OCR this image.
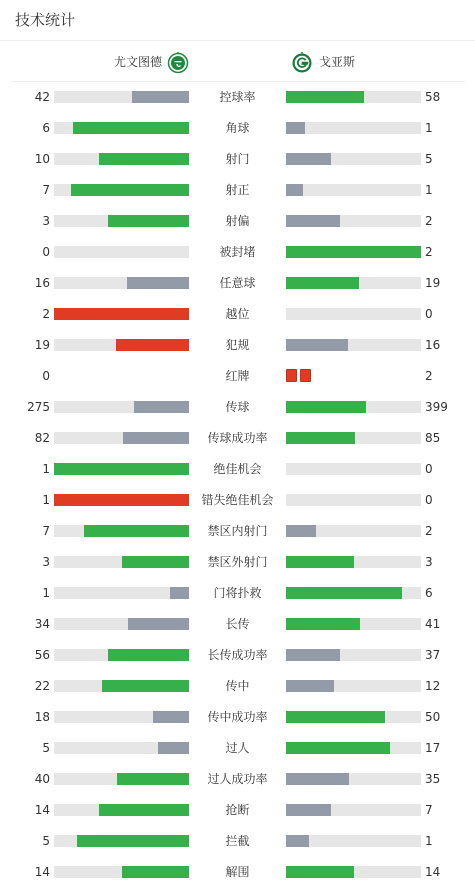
技术统计
尤文图德	戈亚斯
42	控球率	58
6	角球	1
10	射门	5
7	射正	1
3	射偏	2
0	被封堵	2
16	任意球	19
2	越位	0
19	犯规	16
0	红牌	2
275	传球	399
82	传球成功率	85
1	绝佳机会	0
1	错失绝佳机会	0
7	禁区内射门	2
3	禁区外射门	3
1	门将扑救	6
34	长传	41
56	长传成功率	37
22	传中	12
18	传中成功率	50
5	过人	17
40	过人成功率	35
14	抢断	7
5	拦截	1
14	解围	14
